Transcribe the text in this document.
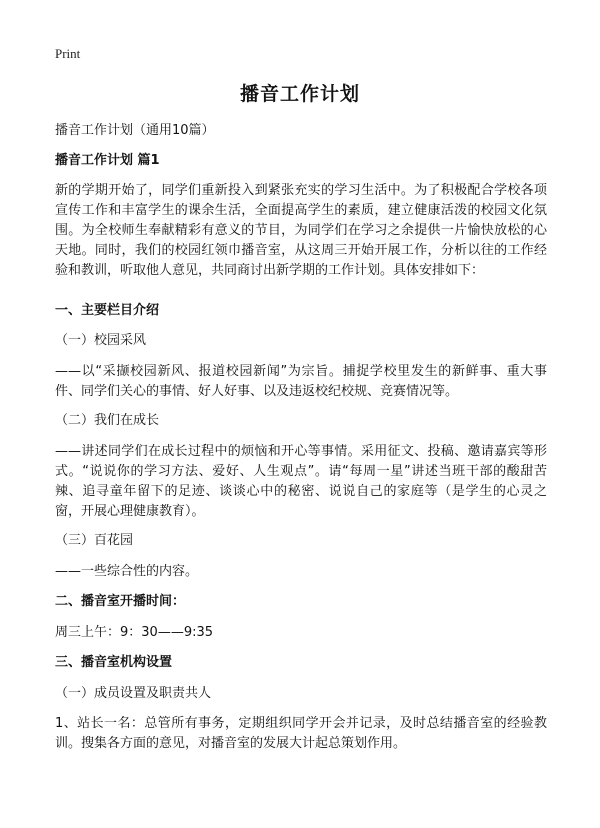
Print
播音工作计划
播音工作计划（通用10篇）
播音工作计划 篇1
新的学期开始了，同学们重新投入到紧张充实的学习生活中。为了积极配合学校各项宣传工作和丰富学生的课余生活，全面提高学生的素质，建立健康活泼的校园文化氛围。为全校师生奉献精彩有意义的节目，为同学们在学习之余提供一片愉快放松的心天地。同时，我们的校园红领巾播音室，从这周三开始开展工作，分析以往的工作经验和教训，听取他人意见，共同商讨出新学期的工作计划。具体安排如下：
一、主要栏目介绍
（一）校园采风
——以“采撷校园新风、报道校园新闻”为宗旨。捕捉学校里发生的新鲜事、重大事件、同学们关心的事情、好人好事、以及违返校纪校规、竞赛情况等。
（二）我们在成长
——讲述同学们在成长过程中的烦恼和开心等事情。采用征文、投稿、邀请嘉宾等形式。“说说你的学习方法、爱好、人生观点”。请“每周一星”讲述当班干部的酸甜苦辣、追寻童年留下的足迹、谈谈心中的秘密、说说自己的家庭等（是学生的心灵之窗，开展心理健康教育）。
（三）百花园
——一些综合性的内容。
二、播音室开播时间：
周三上午：9：30——9:35
三、播音室机构设置
（一）成员设置及职责共人
1、站长一名：总管所有事务，定期组织同学开会并记录，及时总结播音室的经验教训。搜集各方面的意见，对播音室的发展大计起总策划作用。
